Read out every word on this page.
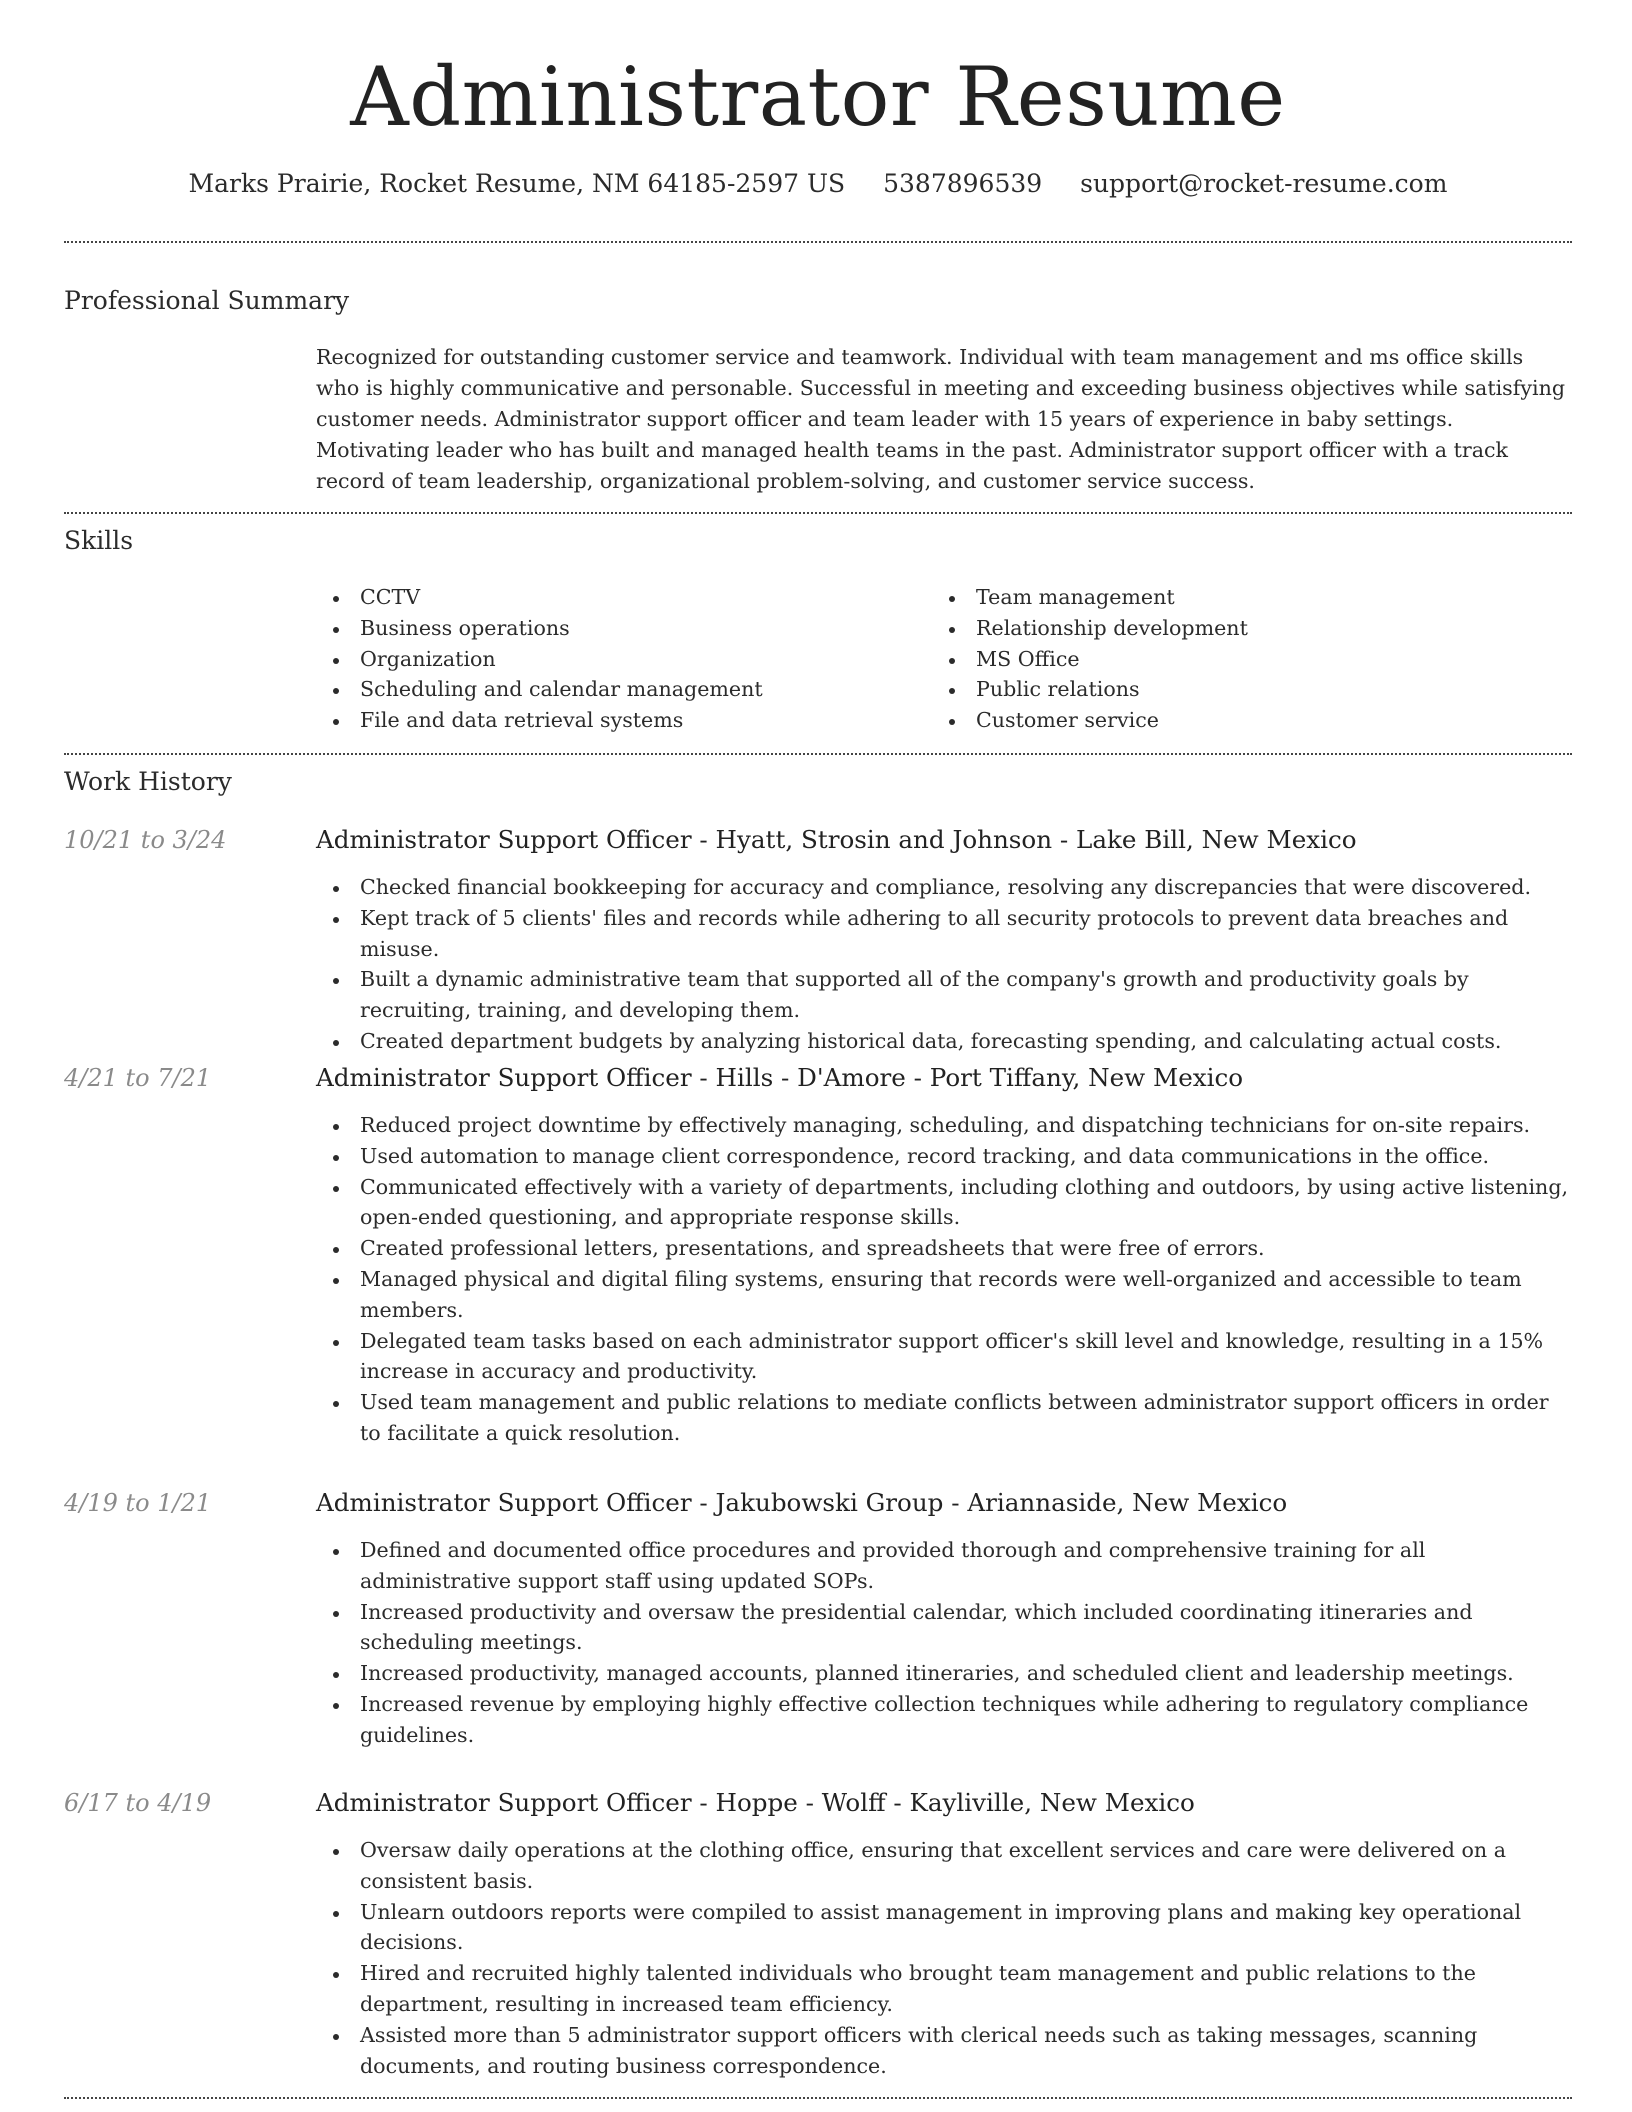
Administrator Resume
Marks Prairie, Rocket Resume, NM 64185-2597 US 5387896539 support@rocket-resume.com
Professional Summary

Recognized for outstanding customer service and teamwork. Individual with team management and ms office skills who is highly communicative and personable. Successful in meeting and exceeding business objectives while satisfying customer needs. Administrator support officer and team leader with 15 years of experience in baby settings. Motivating leader who has built and managed health teams in the past. Administrator support officer with a track record of team leadership, organizational problem-solving, and customer service success.

Skills
CCTV
Business operations
Organization
Scheduling and calendar management
File and data retrieval systems
Team management
Relationship development
MS Office
Public relations
Customer service
Work History
10/21 to 3/24	Administrator Support Officer - Hyatt, Strosin and Johnson - Lake Bill, New Mexico
Checked financial bookkeeping for accuracy and compliance, resolving any discrepancies that were discovered.
Kept track of 5 clients' files and records while adhering to all security protocols to prevent data breaches and misuse.
Built a dynamic administrative team that supported all of the company's growth and productivity goals by recruiting, training, and developing them.
Created department budgets by analyzing historical data, forecasting spending, and calculating actual costs.
4/21 to 7/21	Administrator Support Officer - Hills - D'Amore - Port Tiffany, New Mexico
Reduced project downtime by effectively managing, scheduling, and dispatching technicians for on-site repairs.
Used automation to manage client correspondence, record tracking, and data communications in the office.
Communicated effectively with a variety of departments, including clothing and outdoors, by using active listening, open-ended questioning, and appropriate response skills.
Created professional letters, presentations, and spreadsheets that were free of errors.
Managed physical and digital filing systems, ensuring that records were well-organized and accessible to team members.
Delegated team tasks based on each administrator support officer's skill level and knowledge, resulting in a 15% increase in accuracy and productivity.
Used team management and public relations to mediate conflicts between administrator support officers in order to facilitate a quick resolution.
4/19 to 1/21	Administrator Support Officer - Jakubowski Group - Ariannaside, New Mexico
Defined and documented office procedures and provided thorough and comprehensive training for all administrative support staff using updated SOPs.
Increased productivity and oversaw the presidential calendar, which included coordinating itineraries and scheduling meetings.
Increased productivity, managed accounts, planned itineraries, and scheduled client and leadership meetings.
Increased revenue by employing highly effective collection techniques while adhering to regulatory compliance guidelines.
6/17 to 4/19	Administrator Support Officer - Hoppe - Wolff - Kayliville, New Mexico
Oversaw daily operations at the clothing office, ensuring that excellent services and care were delivered on a consistent basis.
Unlearn outdoors reports were compiled to assist management in improving plans and making key operational decisions.
Hired and recruited highly talented individuals who brought team management and public relations to the department, resulting in increased team efficiency.
Assisted more than 5 administrator support officers with clerical needs such as taking messages, scanning documents, and routing business correspondence.
